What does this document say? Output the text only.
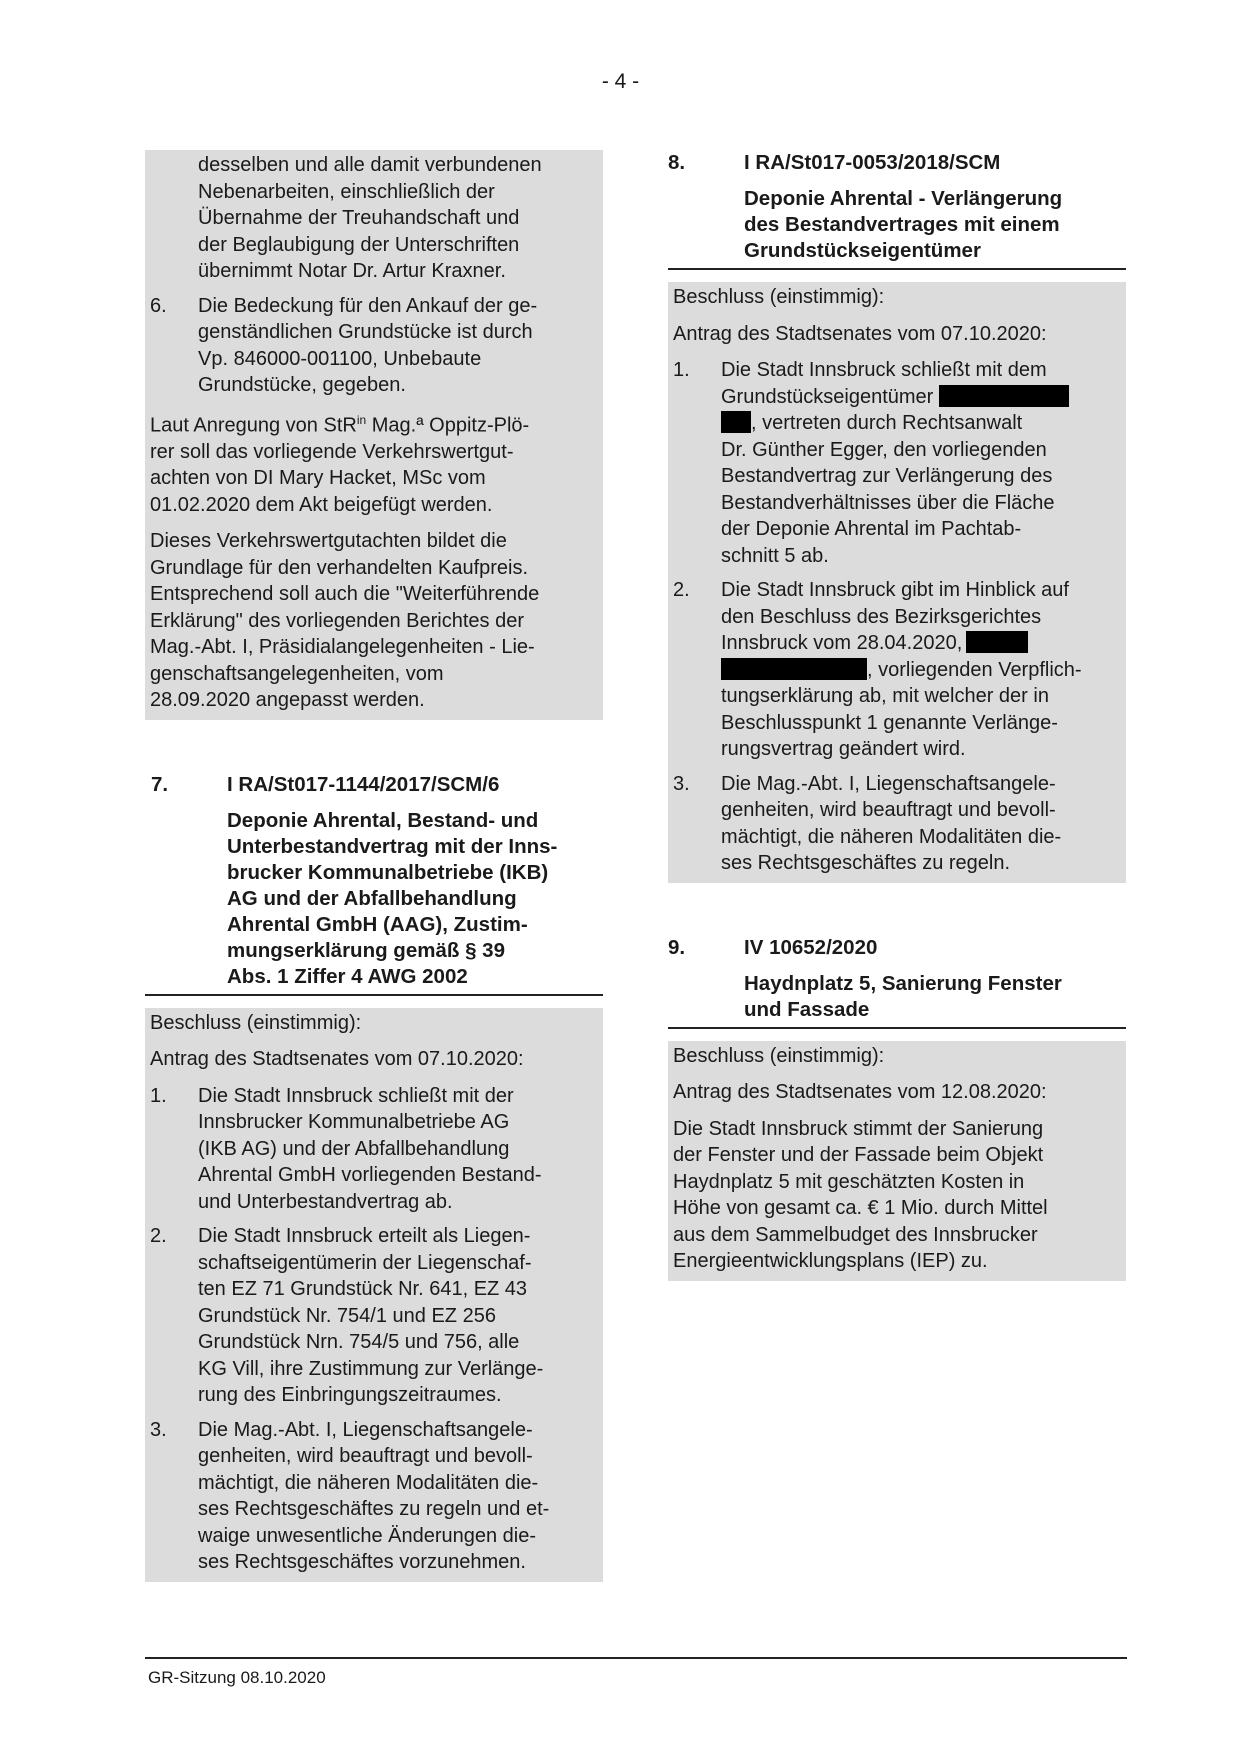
- 4 -
desselben und alle damit verbundenen
Nebenarbeiten, einschließlich der
Übernahme der Treuhandschaft und
der Beglaubigung der Unterschriften
übernimmt Notar Dr. Artur Kraxner.
6.	Die Bedeckung für den Ankauf der ge-
genständlichen Grundstücke ist durch
Vp. 846000-001100, Unbebaute
Grundstücke, gegeben.

Laut Anregung von StR$^{in}$ Mag.ª Oppitz-Plö-
rer soll das vorliegende Verkehrswertgut-
achten von DI Mary Hacket, MSc vom
01.02.2020 dem Akt beigefügt werden.

Dieses Verkehrswertgutachten bildet die
Grundlage für den verhandelten Kaufpreis.
Entsprechend soll auch die "Weiterführende
Erklärung" des vorliegenden Berichtes der
Mag.-Abt. I, Präsidialangelegenheiten - Lie-
genschaftsangelegenheiten, vom
28.09.2020 angepasst werden.

7.	I RA/St017-1144/2017/SCM/6
Deponie Ahrental, Bestand- und
Unterbestandvertrag mit der Inns-
brucker Kommunalbetriebe (IKB)
AG und der Abfallbehandlung
Ahrental GmbH (AAG), Zustim-
mungserklärung gemäß § 39
Abs. 1 Ziffer 4 AWG 2002

Beschluss (einstimmig):

Antrag des Stadtsenates vom 07.10.2020:

1.	Die Stadt Innsbruck schließt mit der
Innsbrucker Kommunalbetriebe AG
(IKB AG) und der Abfallbehandlung
Ahrental GmbH vorliegenden Bestand-
und Unterbestandvertrag ab.
2.	Die Stadt Innsbruck erteilt als Liegen-
schaftseigentümerin der Liegenschaf-
ten EZ 71 Grundstück Nr. 641, EZ 43
Grundstück Nr. 754/1 und EZ 256
Grundstück Nrn. 754/5 und 756, alle
KG Vill, ihre Zustimmung zur Verlänge-
rung des Einbringungszeitraumes.
3.	Die Mag.-Abt. I, Liegenschaftsangele-
genheiten, wird beauftragt und bevoll-
mächtigt, die näheren Modalitäten die-
ses Rechtsgeschäftes zu regeln und et-
waige unwesentliche Änderungen die-
ses Rechtsgeschäftes vorzunehmen.
8.	I RA/St017-0053/2018/SCM
Deponie Ahrental - Verlängerung
des Bestandvertrages mit einem
Grundstückseigentümer

Beschluss (einstimmig):

Antrag des Stadtsenates vom 07.10.2020:

1.	Die Stadt Innsbruck schließt mit dem
Grundstückseigentümer
, vertreten durch Rechtsanwalt
Dr. Günther Egger, den vorliegenden
Bestandvertrag zur Verlängerung des
Bestandverhältnisses über die Fläche
der Deponie Ahrental im Pachtab-
schnitt 5 ab.
2.	Die Stadt Innsbruck gibt im Hinblick auf
den Beschluss des Bezirksgerichtes
Innsbruck vom 28.04.2020,
, vorliegenden Verpflich-
tungserklärung ab, mit welcher der in
Beschlusspunkt 1 genannte Verlänge-
rungsvertrag geändert wird.
3.	Die Mag.-Abt. I, Liegenschaftsangele-
genheiten, wird beauftragt und bevoll-
mächtigt, die näheren Modalitäten die-
ses Rechtsgeschäftes zu regeln.
9.	IV 10652/2020
Haydnplatz 5, Sanierung Fenster
und Fassade

Beschluss (einstimmig):

Antrag des Stadtsenates vom 12.08.2020:

Die Stadt Innsbruck stimmt der Sanierung
der Fenster und der Fassade beim Objekt
Haydnplatz 5 mit geschätzten Kosten in
Höhe von gesamt ca. € 1 Mio. durch Mittel
aus dem Sammelbudget des Innsbrucker
Energieentwicklungsplans (IEP) zu.

GR-Sitzung 08.10.2020
